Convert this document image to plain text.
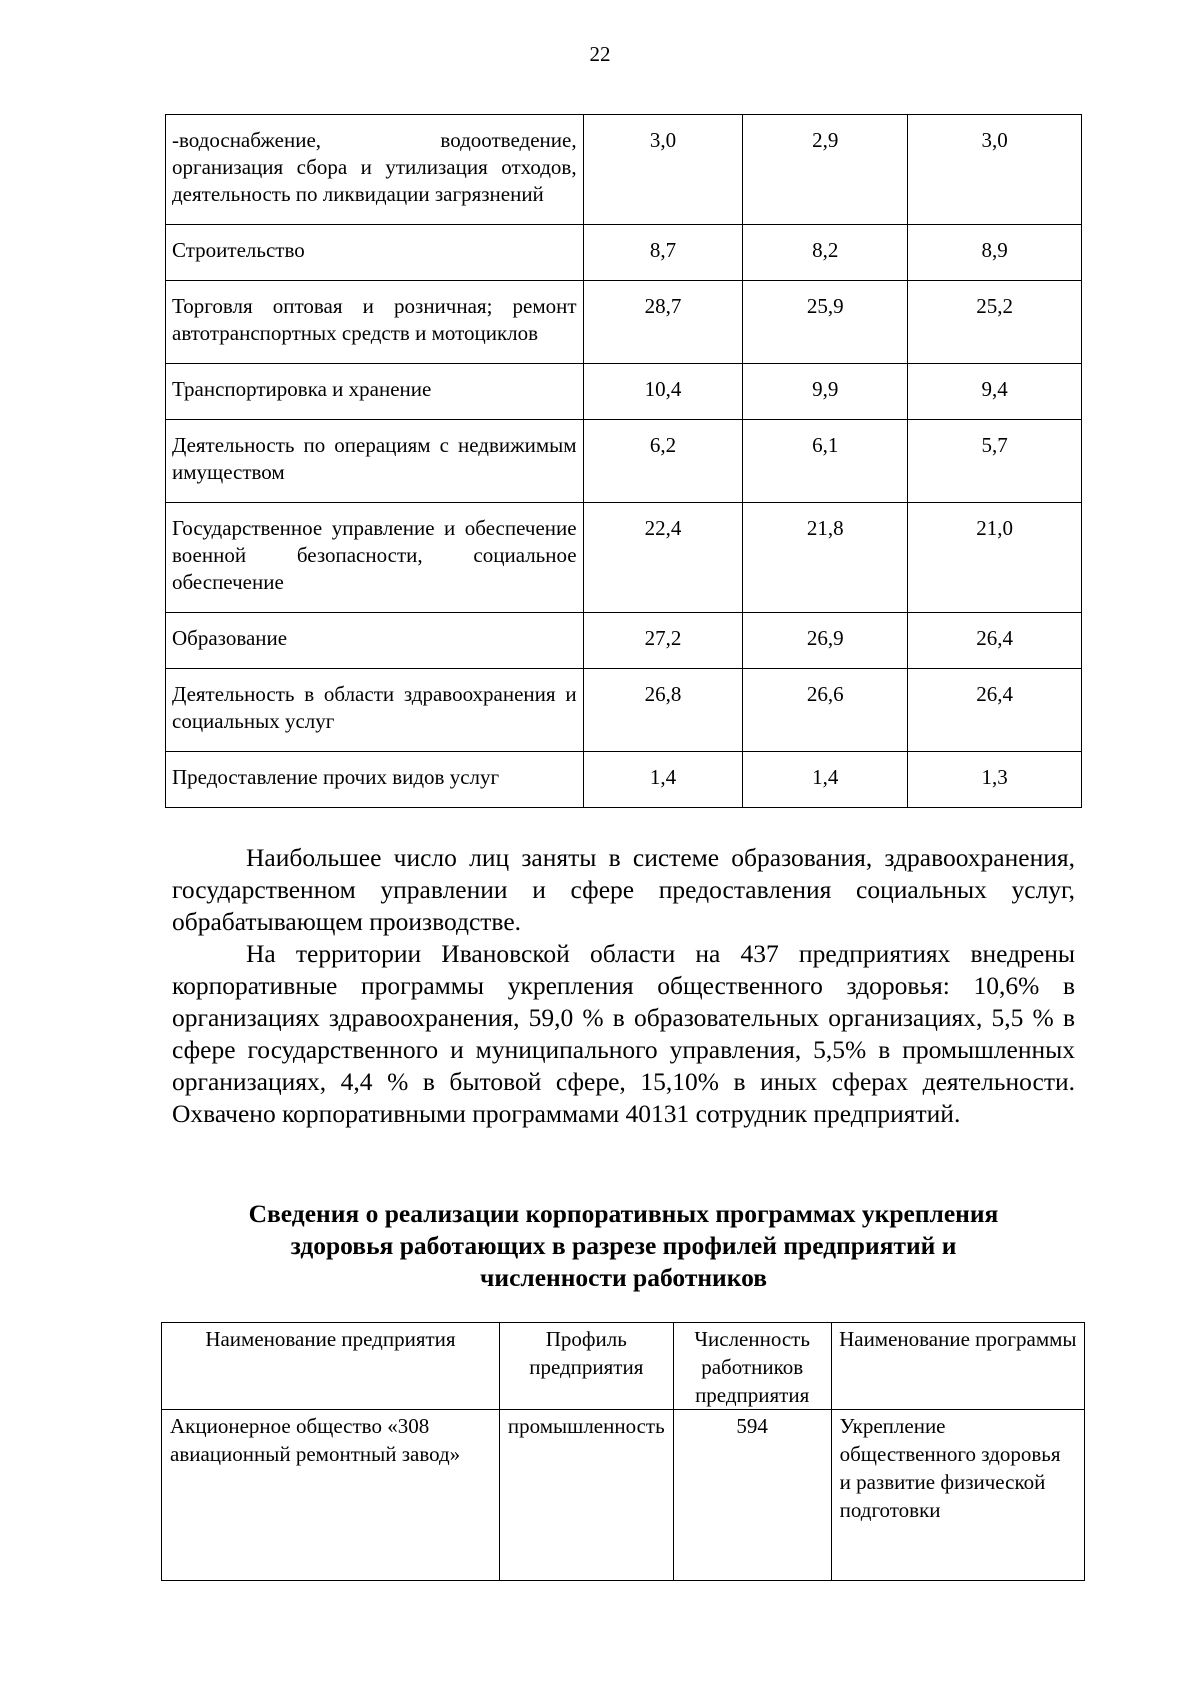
22
-водоснабжение, водоотведение, организация сбора и утилизация отходов, деятельность по ликвидации загрязнений	3,0	2,9	3,0
Строительство	8,7	8,2	8,9
Торговля оптовая и розничная; ремонт автотранспортных средств и мотоциклов	28,7	25,9	25,2
Транспортировка и хранение	10,4	9,9	9,4
Деятельность по операциям с недвижимым имуществом	6,2	6,1	5,7
Государственное управление и обеспечение военной безопасности, социальное обеспечение	22,4	21,8	21,0
Образование	27,2	26,9	26,4
Деятельность в области здравоохранения и социальных услуг	26,8	26,6	26,4
Предоставление прочих видов услуг	1,4	1,4	1,3

Наибольшее число лиц заняты в системе образования, здравоохранения, государственном управлении и сфере предоставления социальных услуг, обрабатывающем производстве.

На территории Ивановской области на 437 предприятиях внедрены корпоративные программы укрепления общественного здоровья: 10,6% в организациях здравоохранения, 59,0 % в образовательных организациях, 5,5 % в сфере государственного и муниципального управления, 5,5% в промышленных организациях, 4,4 % в бытовой сфере, 15,10% в иных сферах деятельности. Охвачено корпоративными программами 40131 сотрудник предприятий.

Сведения о реализации корпоративных программах укрепления
здоровья работающих в разрезе профилей предприятий и
численности работников
Наименование предприятия	Профиль предприятия	Численность работников предприятия	Наименование программы
Акционерное общество «308 авиационный ремонтный завод»	промышленность	594	Укрепление общественного здоровья и развитие физической подготовки
